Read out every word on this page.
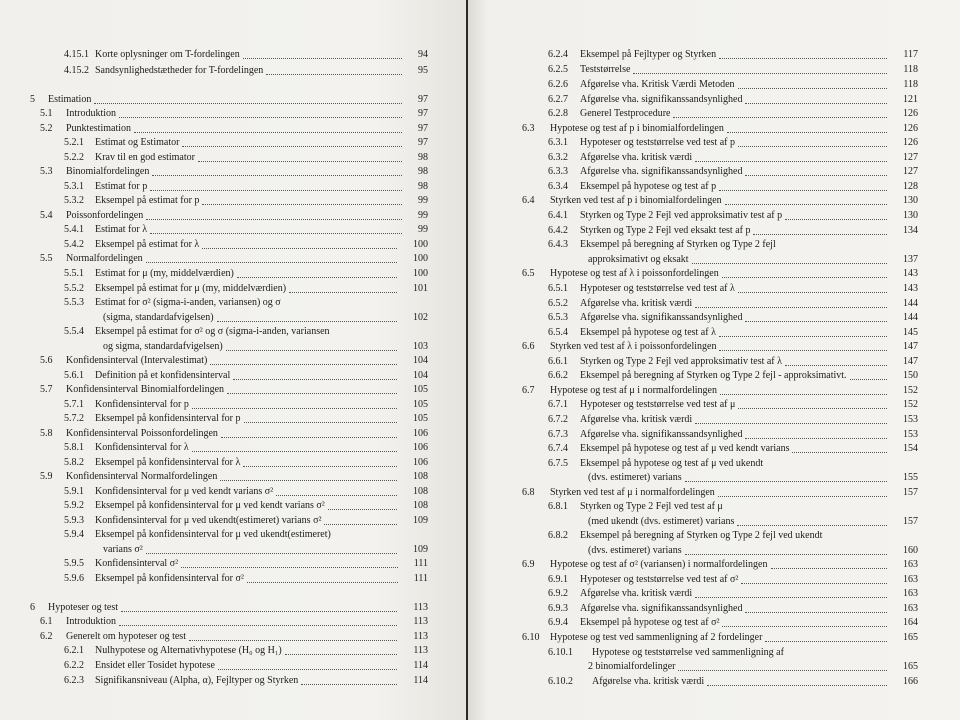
4.15.1 Korte oplysninger om T-fordelingen	94
4.15.2 Sandsynlighedstætheder for T-fordelingen	95
5 Estimation	97
5.1 Introduktion	97
5.2 Punktestimation	97
5.2.1 Estimat og Estimator	97
5.2.2 Krav til en god estimator	98
5.3 Binomialfordelingen	98
5.3.1 Estimat for p	98
5.3.2 Eksempel på estimat for p	99
5.4 Poissonfordelingen	99
5.4.1 Estimat for λ	99
5.4.2 Eksempel på estimat for λ	100
5.5 Normalfordelingen	100
5.5.1 Estimat for μ (my, middelværdien)	100
5.5.2 Eksempel på estimat for μ (my, middelværdien)	101
5.5.3 Estimat for σ² (sigma-i-anden, variansen) og σ
(sigma, standardafvigelsen)	102
5.5.4 Eksempel på estimat for σ² og σ (sigma-i-anden, variansen
og sigma, standardafvigelsen)	103
5.6 Konfidensinterval (Intervalestimat)	104
5.6.1 Definition på et konfidensinterval	104
5.7 Konfidensinterval Binomialfordelingen	105
5.7.1 Konfidensinterval for p	105
5.7.2 Eksempel på konfidensinterval for p	105
5.8 Konfidensinterval Poissonfordelingen	106
5.8.1 Konfidensinterval for λ	106
5.8.2 Eksempel på konfidensinterval for λ	106
5.9 Konfidensinterval Normalfordelingen	108
5.9.1 Konfidensinterval for μ ved kendt varians σ²	108
5.9.2 Eksempel på konfidensinterval for μ ved kendt varians σ²	108
5.9.3 Konfidensinterval for μ ved ukendt(estimeret) varians σ²	109
5.9.4 Eksempel på konfidensinterval for μ ved ukendt(estimeret)
varians σ²	109
5.9.5 Konfidensinterval σ²	111
5.9.6 Eksempel på konfidensinterval for σ²	111
6 Hypoteser og test	113
6.1 Introduktion	113
6.2 Generelt om hypoteser og test	113
6.2.1 Nulhypotese og Alternativhypotese (H₀ og H₁)	113
6.2.2 Ensidet eller Tosidet hypotese	114
6.2.3 Signifikansniveau (Alpha, α), Fejltyper og Styrken	114
6.2.4 Eksempel på Fejltyper og Styrken	117
6.2.5 Teststørrelse	118
6.2.6 Afgørelse vha. Kritisk Værdi Metoden	118
6.2.7 Afgørelse vha. signifikanssandsynlighed	121
6.2.8 Generel Testprocedure	126
6.3 Hypotese og test af p i binomialfordelingen	126
6.3.1 Hypoteser og teststørrelse ved test af p	126
6.3.2 Afgørelse vha. kritisk værdi	127
6.3.3 Afgørelse vha. signifikanssandsynlighed	127
6.3.4 Eksempel på hypotese og test af p	128
6.4 Styrken ved test af p i binomialfordelingen	130
6.4.1 Styrken og Type 2 Fejl ved approksimativ test af p	130
6.4.2 Styrken og Type 2 Fejl ved eksakt test af p	134
6.4.3 Eksempel på beregning af Styrken og Type 2 fejl
approksimativt og eksakt	137
6.5 Hypotese og test af λ i poissonfordelingen	143
6.5.1 Hypoteser og teststørrelse ved test af λ	143
6.5.2 Afgørelse vha. kritisk værdi	144
6.5.3 Afgørelse vha. signifikanssandsynlighed	144
6.5.4 Eksempel på hypotese og test af λ	145
6.6 Styrken ved test af λ i poissonfordelingen	147
6.6.1 Styrken og Type 2 Fejl ved approksimativ test af λ	147
6.6.2 Eksempel på beregning af Styrken og Type 2 fejl - approksimativt.	150
6.7 Hypotese og test af μ i normalfordelingen	152
6.7.1 Hypoteser og teststørrelse ved test af μ	152
6.7.2 Afgørelse vha. kritisk værdi	153
6.7.3 Afgørelse vha. signifikanssandsynlighed	153
6.7.4 Eksempel på hypotese og test af μ ved kendt varians	154
6.7.5 Eksempel på hypotese og test af μ ved ukendt
(dvs. estimeret) varians	155
6.8 Styrken ved test af μ i normalfordelingen	157
6.8.1 Styrken og Type 2 Fejl ved test af μ
(med ukendt (dvs. estimeret) varians	157
6.8.2 Eksempel på beregning af Styrken og Type 2 fejl ved ukendt
(dvs. estimeret) varians	160
6.9 Hypotese og test af σ² (variansen) i normalfordelingen	163
6.9.1 Hypoteser og teststørrelse ved test af σ²	163
6.9.2 Afgørelse vha. kritisk værdi	163
6.9.3 Afgørelse vha. signifikanssandsynlighed	163
6.9.4 Eksempel på hypotese og test af σ²	164
6.10 Hypotese og test ved sammenligning af 2 fordelinger	165
6.10.1 Hypotese og teststørrelse ved sammenligning af
2 binomialfordelinger	165
6.10.2 Afgørelse vha. kritisk værdi	166
